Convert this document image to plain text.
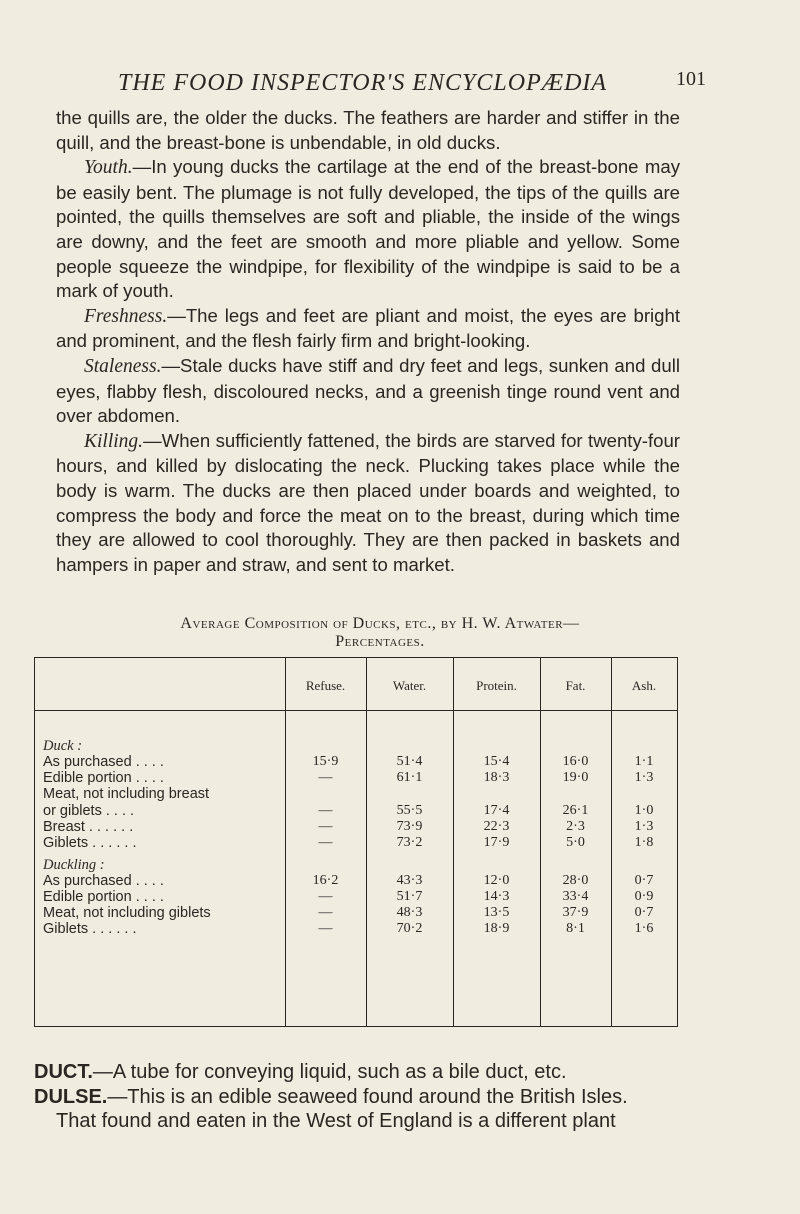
THE FOOD INSPECTOR'S ENCYCLOPÆDIA	101

the quills are, the older the ducks. The feathers are harder and stiffer in the quill, and the breast-bone is unbendable, in old ducks.

Youth.—In young ducks the cartilage at the end of the breast-bone may be easily bent. The plumage is not fully developed, the tips of the quills are pointed, the quills themselves are soft and pliable, the inside of the wings are downy, and the feet are smooth and more pliable and yellow. Some people squeeze the windpipe, for flexibility of the windpipe is said to be a mark of youth.

Freshness.—The legs and feet are pliant and moist, the eyes are bright and prominent, and the flesh fairly firm and bright-looking.

Staleness.—Stale ducks have stiff and dry feet and legs, sunken and dull eyes, flabby flesh, discoloured necks, and a greenish tinge round vent and over abdomen.

Killing.—When sufficiently fattened, the birds are starved for twenty-four hours, and killed by dislocating the neck. Plucking takes place while the body is warm. The ducks are then placed under boards and weighted, to compress the body and force the meat on to the breast, during which time they are allowed to cool thoroughly. They are then packed in baskets and hampers in paper and straw, and sent to market.

Average Composition of Ducks, etc., by H. W. Atwater—
Percentages.
Refuse.	Water.	Protein.	Fat.	Ash.
Duck :
As purchased . . . .	15·9	51·4	15·4	16·0	1·1
Edible portion . . . .	—	61·1	18·3	19·0	1·3
Meat, not including breast
or giblets . . . .	—	55·5	17·4	26·1	1·0
Breast . . . . . .	—	73·9	22·3	2·3	1·3
Giblets . . . . . .	—	73·2	17·9	5·0	1·8
Duckling :
As purchased . . . .	16·2	43·3	12·0	28·0	0·7
Edible portion . . . .	—	51·7	14·3	33·4	0·9
Meat, not including giblets	—	48·3	13·5	37·9	0·7
Giblets . . . . . .	—	70·2	18·9	8·1	1·6

DUCT.—A tube for conveying liquid, such as a bile duct, etc.

DULSE.—This is an edible seaweed found around the British Isles.

That found and eaten in the West of England is a different plant
